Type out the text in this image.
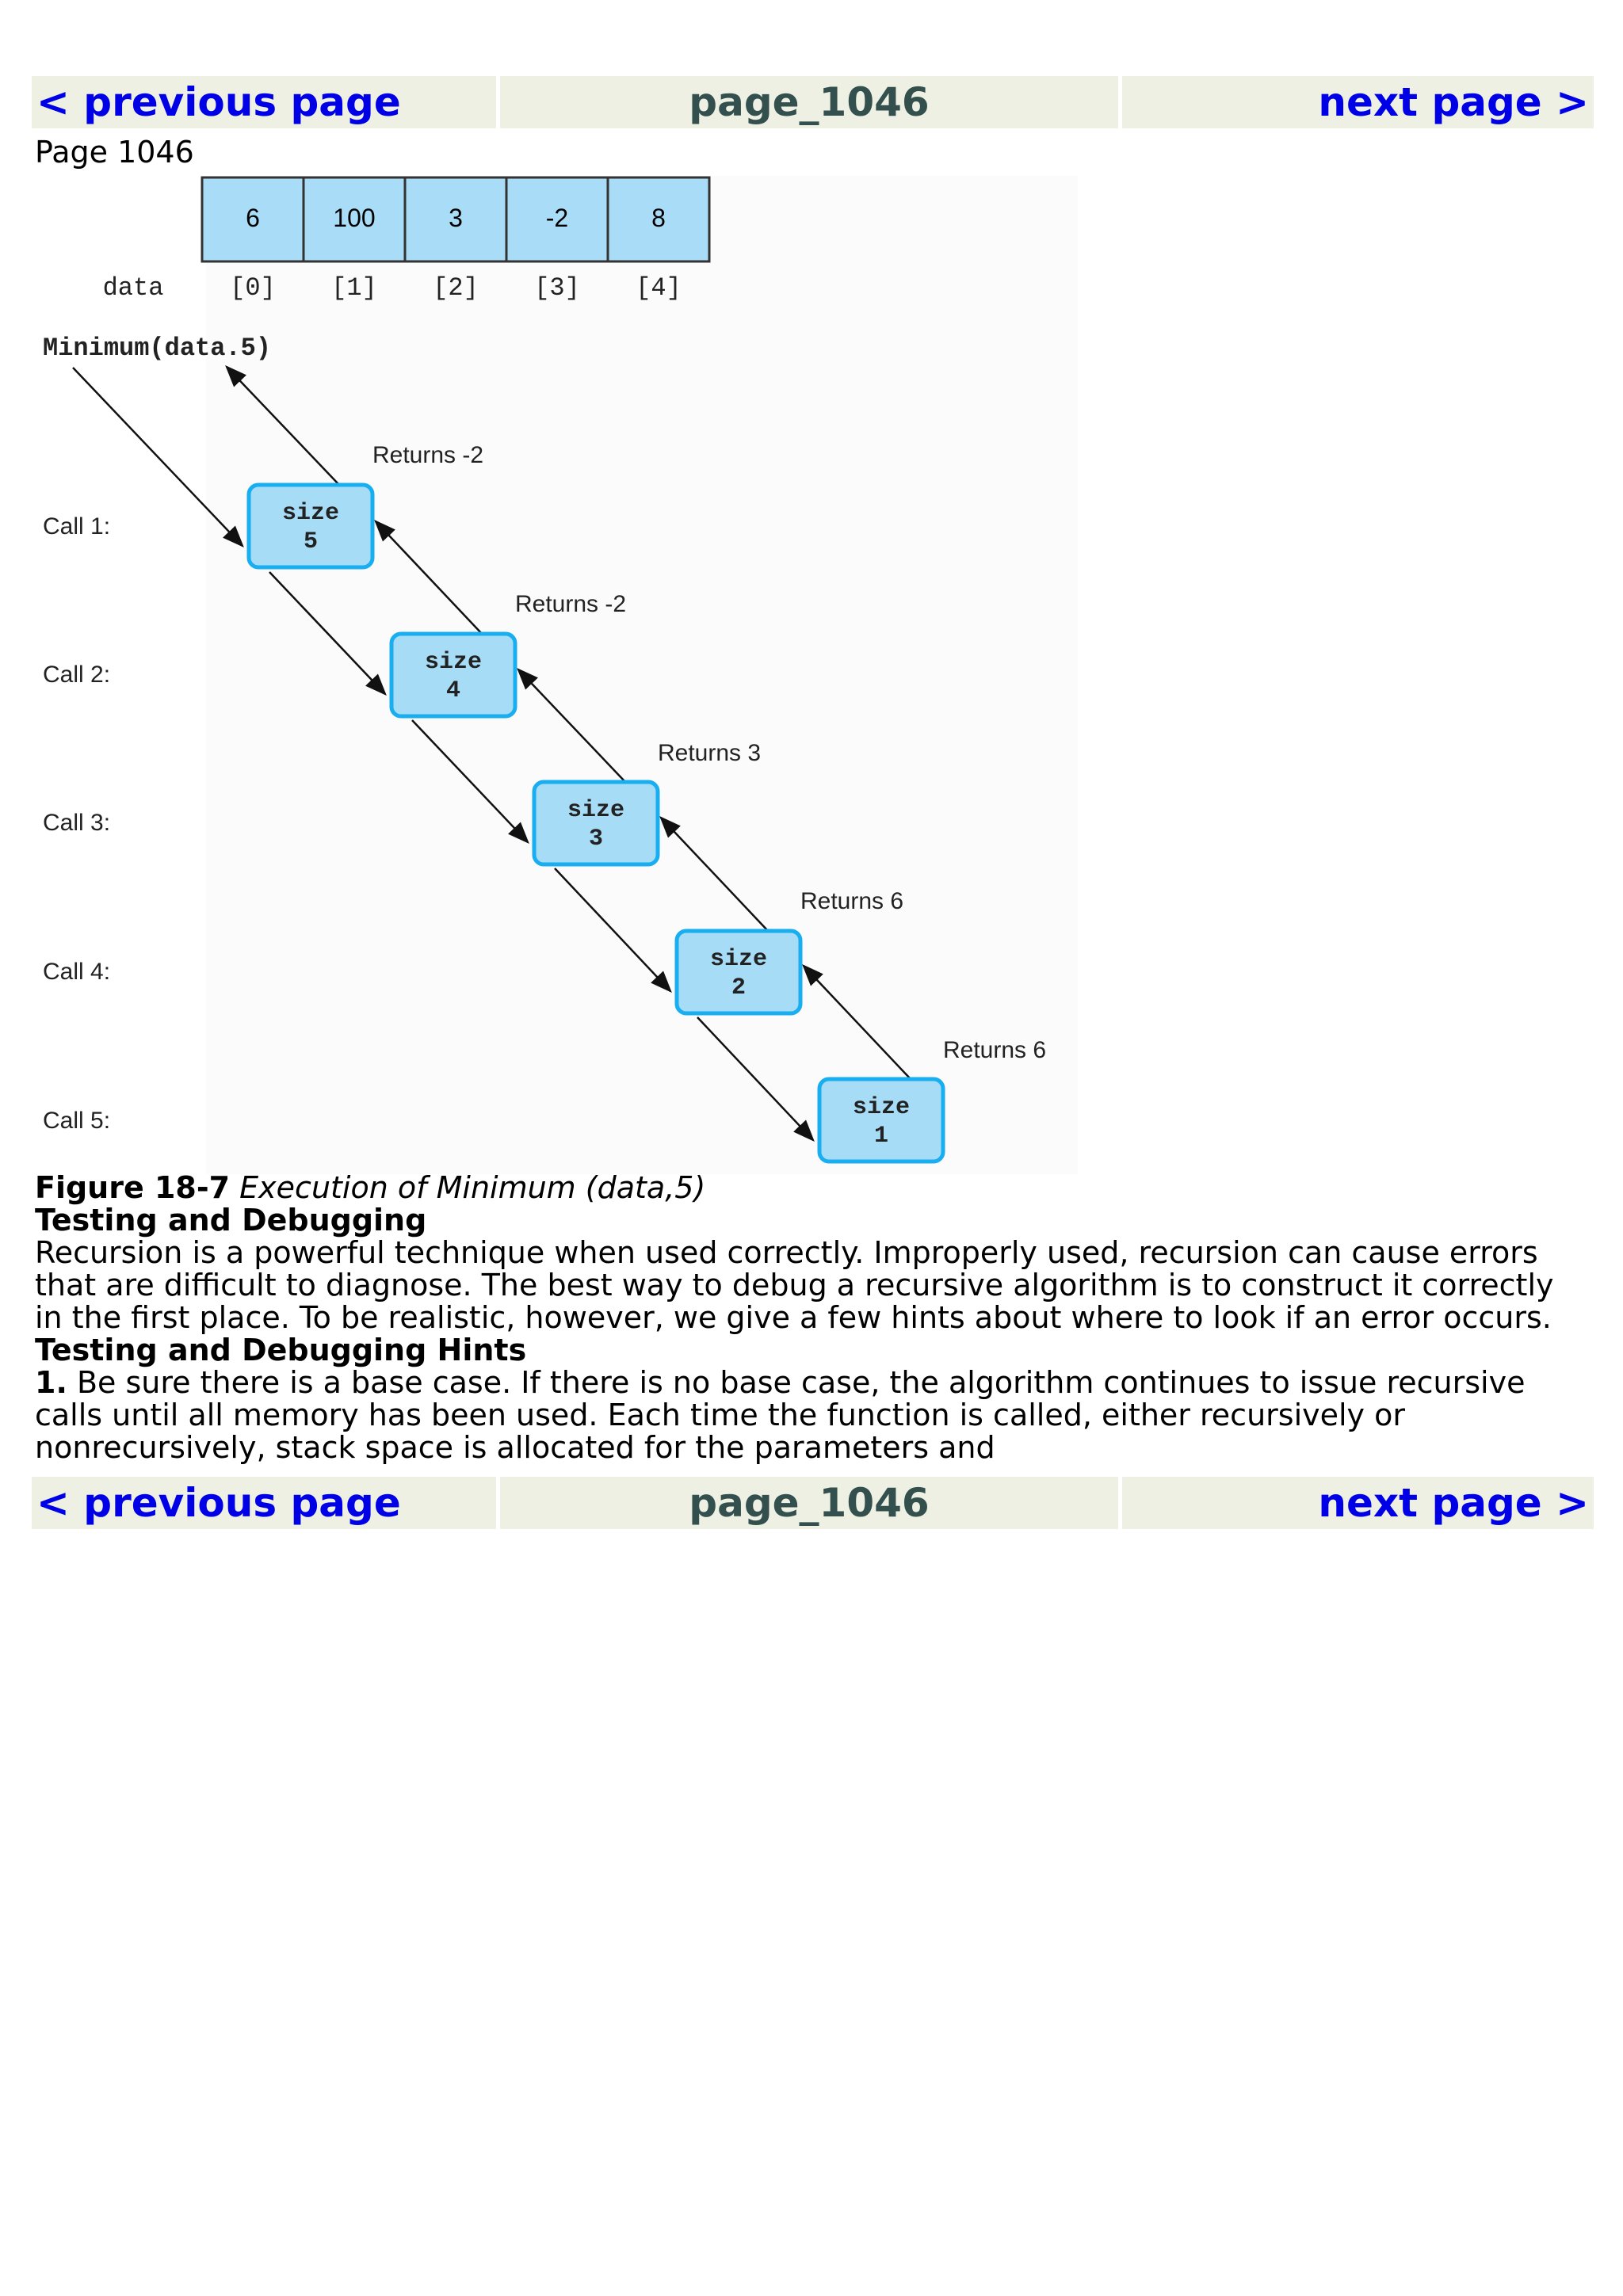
< previous page	page_1046	next page >
Page 1046
6	100	3	-2	8
data	[0] [1] [2] [3] [4]
Minimum(data.5)
Call 1:	size
5
Returns -2
Call 2:	size
4
Returns -2
Call 3:	size
3
Returns 3
Call 4:	size
2
Returns 6
Call 5:	size
1
Returns 6

Figure 18-7 Execution of Minimum (data,5)

Testing and Debugging

Recursion is a powerful technique when used correctly. Improperly used, recursion can cause errors that are difficult to diagnose. The best way to debug a recursive algorithm is to construct it correctly in the first place. To be realistic, however, we give a few hints about where to look if an error occurs.

Testing and Debugging Hints

1. Be sure there is a base case. If there is no base case, the algorithm continues to issue recursive calls until all memory has been used. Each time the function is called, either recursively or nonrecursively, stack space is allocated for the parameters and

< previous page	page_1046	next page >
